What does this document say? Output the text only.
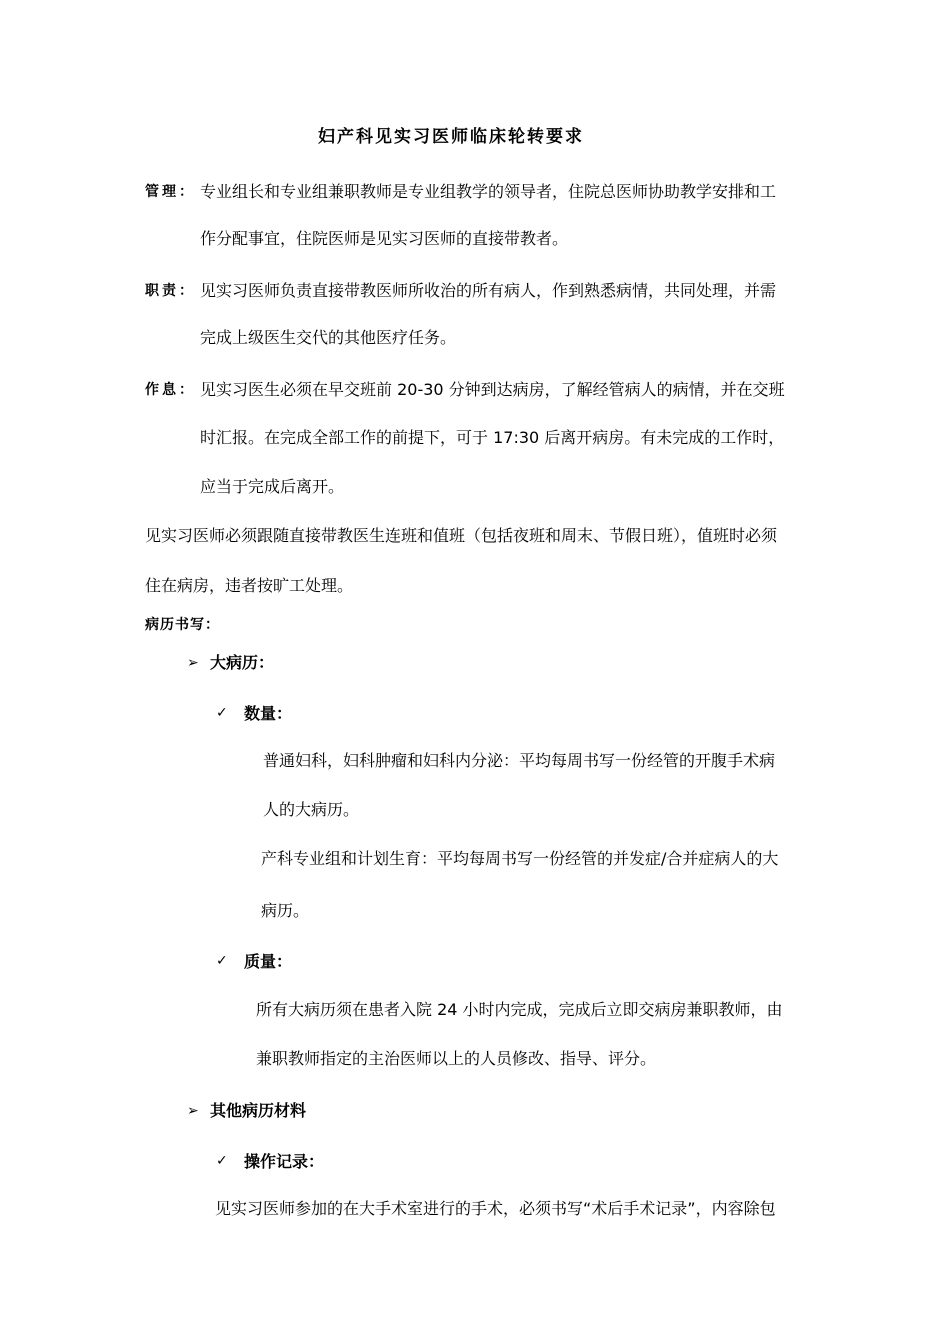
妇产科见实习医师临床轮转要求
管理： 专业组长和专业组兼职教师是专业组教学的领导者，住院总医师协助教学安排和工
作分配事宜，住院医师是见实习医师的直接带教者。
职责： 见实习医师负责直接带教医师所收治的所有病人，作到熟悉病情，共同处理，并需
完成上级医生交代的其他医疗任务。
作息： 见实习医生必须在早交班前 20-30 分钟到达病房，了解经管病人的病情，并在交班
时汇报。在完成全部工作的前提下，可于 17:30 后离开病房。有未完成的工作时，
应当于完成后离开。
见实习医师必须跟随直接带教医生连班和值班（包括夜班和周末、节假日班），值班时必须
住在病房，违者按旷工处理。
病历书写：
➢ 大病历：
✓ 数量：
普通妇科，妇科肿瘤和妇科内分泌：平均每周书写一份经管的开腹手术病
人的大病历。
产科专业组和计划生育：平均每周书写一份经管的并发症/合并症病人的大
病历。
✓ 质量：
所有大病历须在患者入院 24 小时内完成，完成后立即交病房兼职教师，由
兼职教师指定的主治医师以上的人员修改、指导、评分。
➢ 其他病历材料
✓ 操作记录：
见实习医师参加的在大手术室进行的手术，必须书写“术后手术记录”，内容除包
